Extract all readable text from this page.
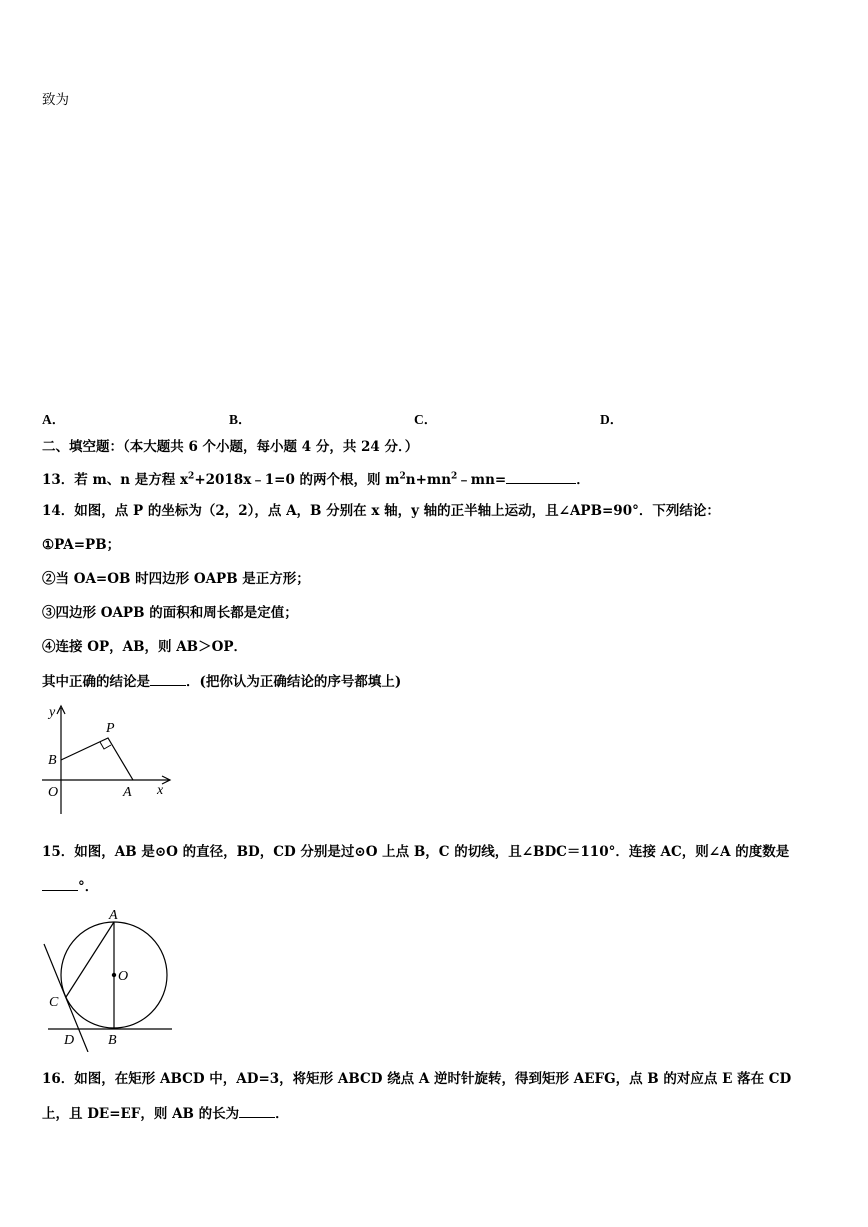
致为
A．	B．	C．	D．
二、填空题：（本大题共 6 个小题，每小题 4 分，共 24 分．）
13．若 m、n 是方程 $x^2+2018x﹣1=0$ 的两个根，则 $m^2n+mn^2﹣mn=$	．
14．如图，点 P 的坐标为（2，2），点 A，B 分别在 x 轴，y 轴的正半轴上运动，且∠APB=90°．下列结论：
①PA=PB；
②当 OA=OB 时四边形 OAPB 是正方形；
③四边形 OAPB 的面积和周长都是定值；
④连接 OP，AB，则 AB＞OP．
其中正确的结论是	．(把你认为正确结论的序号都填上)
y
P
B
O	A x
15．如图，AB 是⊙O 的直径，BD，CD 分别是过⊙O 上点 B，C 的切线，且∠BDC＝110°．连接 AC，则∠A 的度数是
°．
A
O
C
D B
16．如图，在矩形 ABCD 中，AD=3，将矩形 ABCD 绕点 A 逆时针旋转，得到矩形 AEFG，点 B 的对应点 E 落在 CD
上，且 DE=EF，则 AB 的长为	．
